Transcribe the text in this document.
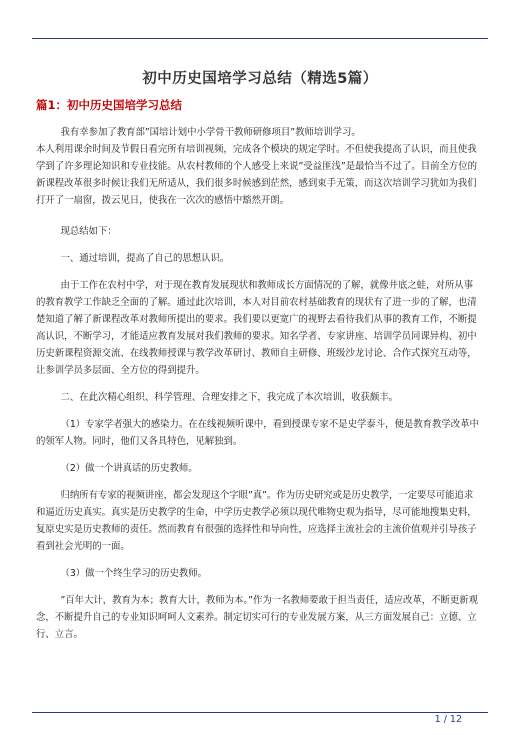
初中历史国培学习总结（精选5篇）
篇1：初中历史国培学习总结

我有幸参加了教育部”国培计划中小学骨干教师研修项目”教师培训学习。

本人利用课余时间及节假日看完所有培训视频，完成各个模块的规定学时。不但使我提高了认识，而且使我学到了许多理论知识和专业技能。从农村教师的个人感受上来说”受益匪浅”是最恰当不过了。目前全方位的新课程改革很多时候让我们无所适从，我们很多时候感到茫然，感到束手无策，而这次培训学习犹如为我们打开了一扇窗，拨云见日，使我在一次次的感悟中豁然开朗。

现总结如下：

一、通过培训，提高了自己的思想认识。

由于工作在农村中学，对于现在教育发展现状和教师成长方面情况的了解，就像井底之蛙，对所从事的教育教学工作缺乏全面的了解。通过此次培训，本人对目前农村基础教育的现状有了进一步的了解，也清楚知道了解了新课程改革对教师所提出的要求。我们要以更宽广的视野去看待我们从事的教育工作，不断提高认识，不断学习，才能适应教育发展对我们教师的要求。知名学者、专家讲座、培训学员同课异构、初中历史新课程资源交流、在线教师授课与教学改革研讨、教师自主研修、班级沙龙讨论、合作式探究互动等，让参训学员多层面、全方位的得到提升。

二、在此次精心组织、科学管理、合理安排之下，我完成了本次培训，收获颇丰。

（1）专家学者强大的感染力。在在线视频听课中，看到授课专家不是史学泰斗，便是教育教学改革中的领军人物。同时，他们又各具特色，见解独到。

（2）做一个讲真话的历史教师。

归纳所有专家的视频讲座，都会发现这个字眼”真”。作为历史研究或是历史教学，一定要尽可能追求和逼近历史真实。真实是历史教学的生命，中学历史教学必须以现代唯物史观为指导，尽可能地搜集史料，复原史实是历史教师的责任。然而教育有很强的选择性和导向性，应选择主流社会的主流价值观并引导孩子看到社会光明的一面。

（3）做一个终生学习的历史教师。

”百年大计，教育为本；教育大计，教师为本。”作为一名教师要敢于担当责任，适应改革，不断更新观念，不断提升自己的专业知识呵呵人文素养。制定切实可行的专业发展方案，从三方面发展自己：立德、立行、立言。

1 / 12
